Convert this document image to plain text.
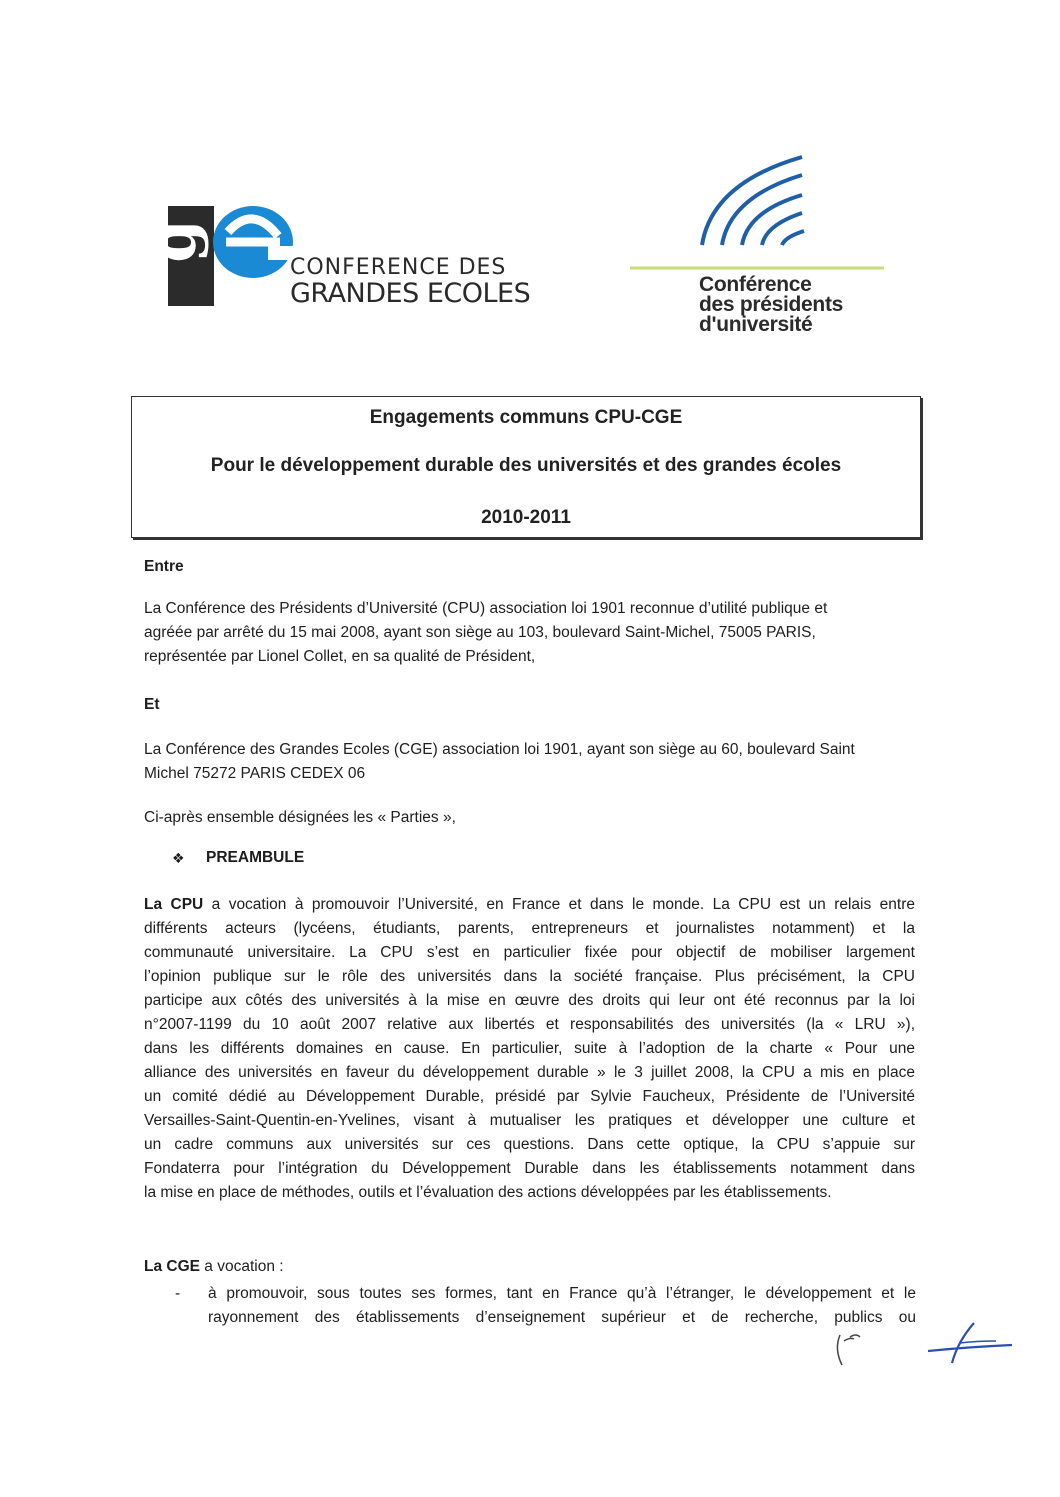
g
CONFERENCE DES
GRANDES ECOLES	Conférence
des présidents
d'université
Engagements communs CPU-CGE
Pour le développement durable des universités et des grandes écoles
2010-2011
Entre
La Conférence des Présidents d’Université (CPU) association loi 1901 reconnue d’utilité publique et
agréée par arrêté du 15 mai 2008, ayant son siège au 103, boulevard Saint-Michel, 75005 PARIS,
représentée par Lionel Collet, en sa qualité de Président,
Et
La Conférence des Grandes Ecoles (CGE) association loi 1901, ayant son siège au 60, boulevard Saint
Michel 75272 PARIS CEDEX 06
Ci-après ensemble désignées les « Parties »,
❖ PREAMBULE
La CPU a vocation à promouvoir l’Université, en France et dans le monde. La CPU est un relais entre
différents acteurs (lycéens, étudiants, parents, entrepreneurs et journalistes notamment) et la
communauté universitaire. La CPU s’est en particulier fixée pour objectif de mobiliser largement
l’opinion publique sur le rôle des universités dans la société française. Plus précisément, la CPU
participe aux côtés des universités à la mise en œuvre des droits qui leur ont été reconnus par la loi
n°2007-1199 du 10 août 2007 relative aux libertés et responsabilités des universités (la « LRU »),
dans les différents domaines en cause. En particulier, suite à l’adoption de la charte « Pour une
alliance des universités en faveur du développement durable » le 3 juillet 2008, la CPU a mis en place
un comité dédié au Développement Durable, présidé par Sylvie Faucheux, Présidente de l’Université
Versailles-Saint-Quentin-en-Yvelines, visant à mutualiser les pratiques et développer une culture et
un cadre communs aux universités sur ces questions. Dans cette optique, la CPU s’appuie sur
Fondaterra pour l’intégration du Développement Durable dans les établissements notamment dans
la mise en place de méthodes, outils et l’évaluation des actions développées par les établissements.
La CGE a vocation :
- à promouvoir, sous toutes ses formes, tant en France qu’à l’étranger, le développement et le
rayonnement des établissements d’enseignement supérieur et de recherche, publics ou
